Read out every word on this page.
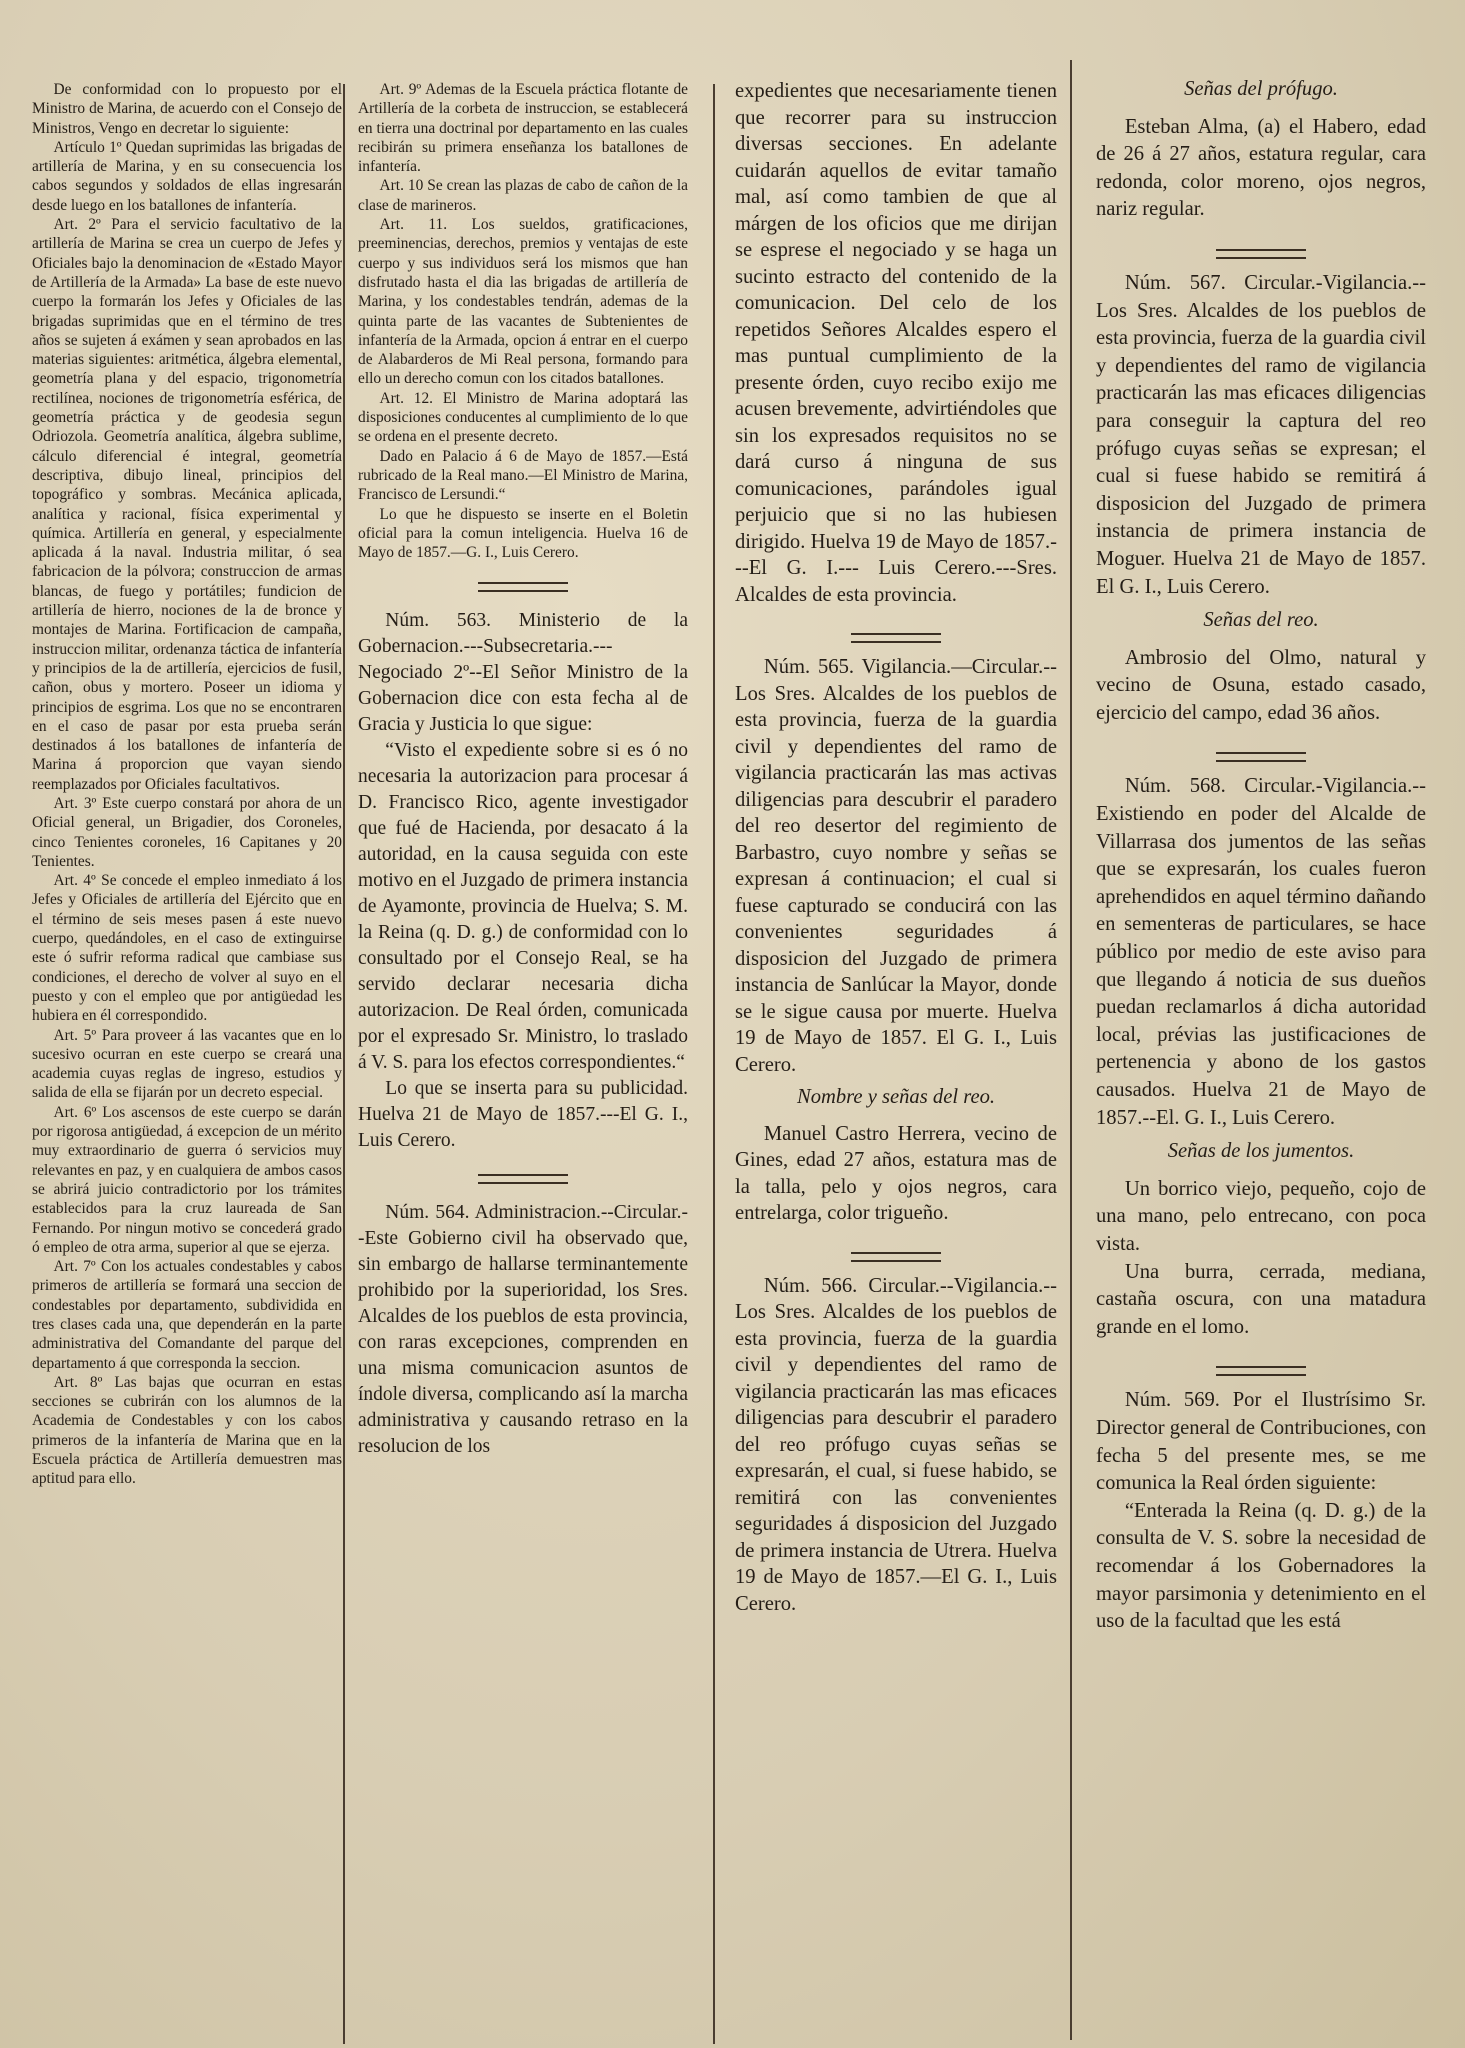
De conformidad con lo propuesto por el Ministro de Marina, de acuerdo con el Consejo de Ministros, Vengo en decretar lo siguiente:

Artículo 1º Quedan suprimidas las brigadas de artillería de Marina, y en su consecuencia los cabos segundos y soldados de ellas ingresarán desde luego en los batallones de infantería.

Art. 2º Para el servicio facultativo de la artillería de Marina se crea un cuerpo de Jefes y Oficiales bajo la denominacion de «Estado Mayor de Artillería de la Armada» La base de este nuevo cuerpo la formarán los Jefes y Oficiales de las brigadas suprimidas que en el término de tres años se sujeten á exámen y sean aprobados en las materias siguientes: aritmética, álgebra elemental, geometría plana y del espacio, trigonometría rectilínea, nociones de trigonometría esférica, de geometría práctica y de geodesia segun Odriozola. Geometría analítica, álgebra sublime, cálculo diferencial é integral, geometría descriptiva, dibujo lineal, principios del topográfico y sombras. Mecánica aplicada, analítica y racional, física experimental y química. Artillería en general, y especialmente aplicada á la naval. Industria militar, ó sea fabricacion de la pólvora; construccion de armas blancas, de fuego y portátiles; fundicion de artillería de hierro, nociones de la de bronce y montajes de Marina. Fortificacion de campaña, instruccion militar, ordenanza táctica de infantería y principios de la de artillería, ejercicios de fusil, cañon, obus y mortero. Poseer un idioma y principios de esgrima. Los que no se encontraren en el caso de pasar por esta prueba serán destinados á los batallones de infantería de Marina á proporcion que vayan siendo reemplazados por Oficiales facultativos.

Art. 3º Este cuerpo constará por ahora de un Oficial general, un Brigadier, dos Coroneles, cinco Tenientes coroneles, 16 Capitanes y 20 Tenientes.

Art. 4º Se concede el empleo inmediato á los Jefes y Oficiales de artillería del Ejército que en el término de seis meses pasen á este nuevo cuerpo, quedándoles, en el caso de extinguirse este ó sufrir reforma radical que cambiase sus condiciones, el derecho de volver al suyo en el puesto y con el empleo que por antigüedad les hubiera en él correspondido.

Art. 5º Para proveer á las vacantes que en lo sucesivo ocurran en este cuerpo se creará una academia cuyas reglas de ingreso, estudios y salida de ella se fijarán por un decreto especial.

Art. 6º Los ascensos de este cuerpo se darán por rigorosa antigüedad, á excepcion de un mérito muy extraordinario de guerra ó servicios muy relevantes en paz, y en cualquiera de ambos casos se abrirá juicio contradictorio por los trámites establecidos para la cruz laureada de San Fernando. Por ningun motivo se concederá grado ó empleo de otra arma, superior al que se ejerza.

Art. 7º Con los actuales condestables y cabos primeros de artillería se formará una seccion de condestables por departamento, subdividida en tres clases cada una, que dependerán en la parte administrativa del Comandante del parque del departamento á que corresponda la seccion.

Art. 8º Las bajas que ocurran en estas secciones se cubrirán con los alumnos de la Academia de Condestables y con los cabos primeros de la infantería de Marina que en la Escuela práctica de Artillería demuestren mas aptitud para ello.

Art. 9º Ademas de la Escuela práctica flotante de Artillería de la corbeta de instruccion, se establecerá en tierra una doctrinal por departamento en las cuales recibirán su primera enseñanza los batallones de infantería.

Art. 10 Se crean las plazas de cabo de cañon de la clase de marineros.

Art. 11. Los sueldos, gratificaciones, preeminencias, derechos, premios y ventajas de este cuerpo y sus individuos será los mismos que han disfrutado hasta el dia las brigadas de artillería de Marina, y los condestables tendrán, ademas de la quinta parte de las vacantes de Subtenientes de infantería de la Armada, opcion á entrar en el cuerpo de Alabarderos de Mi Real persona, formando para ello un derecho comun con los citados batallones.

Art. 12. El Ministro de Marina adoptará las disposiciones conducentes al cumplimiento de lo que se ordena en el presente decreto.

Dado en Palacio á 6 de Mayo de 1857.—Está rubricado de la Real mano.—El Ministro de Marina, Francisco de Lersundi.“

Lo que he dispuesto se inserte en el Boletin oficial para la comun inteligencia. Huelva 16 de Mayo de 1857.—G. I., Luis Cerero.

Núm. 563. Ministerio de la Gobernacion.---Subsecretaria.---Negociado 2º--El Señor Ministro de la Gobernacion dice con esta fecha al de Gracia y Justicia lo que sigue:

“Visto el expediente sobre si es ó no necesaria la autorizacion para procesar á D. Francisco Rico, agente investigador que fué de Hacienda, por desacato á la autoridad, en la causa seguida con este motivo en el Juzgado de primera instancia de Ayamonte, provincia de Huelva; S. M. la Reina (q. D. g.) de conformidad con lo consultado por el Consejo Real, se ha servido declarar necesaria dicha autorizacion. De Real órden, comunicada por el expresado Sr. Ministro, lo traslado á V. S. para los efectos correspondientes.“

Lo que se inserta para su publicidad. Huelva 21 de Mayo de 1857.---El G. I., Luis Cerero.

Núm. 564. Administracion.--Circular.--Este Gobierno civil ha observado que, sin embargo de hallarse terminantemente prohibido por la superioridad, los Sres. Alcaldes de los pueblos de esta provincia, con raras excepciones, comprenden en una misma comunicacion asuntos de índole diversa, complicando así la marcha administrativa y causando retraso en la resolucion de los

expedientes que necesariamente tienen que recorrer para su instruccion diversas secciones. En adelante cuidarán aquellos de evitar tamaño mal, así como tambien de que al márgen de los oficios que me dirijan se esprese el negociado y se haga un sucinto estracto del contenido de la comunicacion. Del celo de los repetidos Señores Alcaldes espero el mas puntual cumplimiento de la presente órden, cuyo recibo exijo me acusen brevemente, advirtiéndoles que sin los expresados requisitos no se dará curso á ninguna de sus comunicaciones, parándoles igual perjuicio que si no las hubiesen dirigido. Huelva 19 de Mayo de 1857.---El G. I.--- Luis Cerero.---Sres. Alcaldes de esta provincia.

Núm. 565. Vigilancia.—Circular.--Los Sres. Alcaldes de los pueblos de esta provincia, fuerza de la guardia civil y dependientes del ramo de vigilancia practicarán las mas activas diligencias para descubrir el paradero del reo desertor del regimiento de Barbastro, cuyo nombre y señas se expresan á continuacion; el cual si fuese capturado se conducirá con las convenientes seguridades á disposicion del Juzgado de primera instancia de Sanlúcar la Mayor, donde se le sigue causa por muerte. Huelva 19 de Mayo de 1857. El G. I., Luis Cerero.

Nombre y señas del reo.

Manuel Castro Herrera, vecino de Gines, edad 27 años, estatura mas de la talla, pelo y ojos negros, cara entrelarga, color trigueño.

Núm. 566. Circular.--Vigilancia.--Los Sres. Alcaldes de los pueblos de esta provincia, fuerza de la guardia civil y dependientes del ramo de vigilancia practicarán las mas eficaces diligencias para descubrir el paradero del reo prófugo cuyas señas se expresarán, el cual, si fuese habido, se remitirá con las convenientes seguridades á disposicion del Juzgado de primera instancia de Utrera. Huelva 19 de Mayo de 1857.—El G. I., Luis Cerero.

Señas del prófugo.

Esteban Alma, (a) el Habero, edad de 26 á 27 años, estatura regular, cara redonda, color moreno, ojos negros, nariz regular.

Núm. 567. Circular.-Vigilancia.--Los Sres. Alcaldes de los pueblos de esta provincia, fuerza de la guardia civil y dependientes del ramo de vigilancia practicarán las mas eficaces diligencias para conseguir la captura del reo prófugo cuyas señas se expresan; el cual si fuese habido se remitirá á disposicion del Juzgado de primera instancia de primera instancia de Moguer. Huelva 21 de Mayo de 1857. El G. I., Luis Cerero.

Señas del reo.

Ambrosio del Olmo, natural y vecino de Osuna, estado casado, ejercicio del campo, edad 36 años.

Núm. 568. Circular.-Vigilancia.--Existiendo en poder del Alcalde de Villarrasa dos jumentos de las señas que se expresarán, los cuales fueron aprehendidos en aquel término dañando en sementeras de particulares, se hace público por medio de este aviso para que llegando á noticia de sus dueños puedan reclamarlos á dicha autoridad local, prévias las justificaciones de pertenencia y abono de los gastos causados. Huelva 21 de Mayo de 1857.--El. G. I., Luis Cerero.

Señas de los jumentos.

Un borrico viejo, pequeño, cojo de una mano, pelo entrecano, con poca vista.

Una burra, cerrada, mediana, castaña oscura, con una matadura grande en el lomo.

Núm. 569. Por el Ilustrísimo Sr. Director general de Contribuciones, con fecha 5 del presente mes, se me comunica la Real órden siguiente:

“Enterada la Reina (q. D. g.) de la consulta de V. S. sobre la necesidad de recomendar á los Gobernadores la mayor parsimonia y detenimiento en el uso de la facultad que les está
